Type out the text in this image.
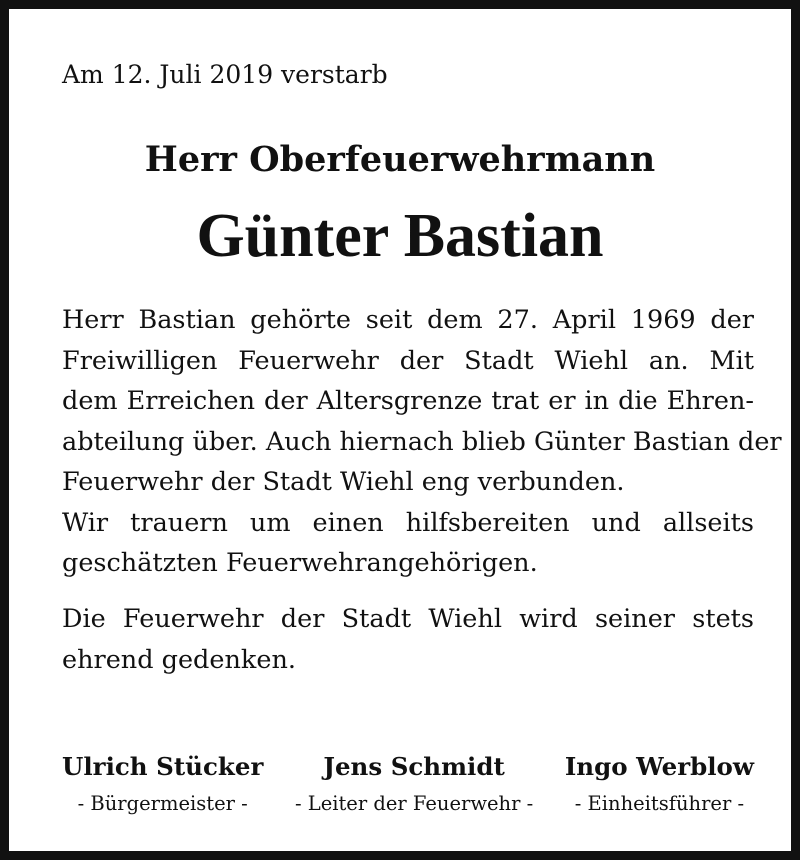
Am 12. Juli 2019 verstarb

Herr Oberfeuerwehrmann
Günter Bastian
Herr Bastian gehörte seit dem 27. April 1969 der
Freiwilligen Feuerwehr der Stadt Wiehl an. Mit
dem Erreichen der Altersgrenze trat er in die Ehren-
abteilung über. Auch hiernach blieb Günter Bastian der
Feuerwehr der Stadt Wiehl eng verbunden.
Wir trauern um einen hilfsbereiten und allseits
geschätzten Feuerwehrangehörigen.
Die Feuerwehr der Stadt Wiehl wird seiner stets
ehrend gedenken.
Ulrich Stücker
- Bürgermeister -
Jens Schmidt
- Leiter der Feuerwehr -
Ingo Werblow
- Einheitsführer -
